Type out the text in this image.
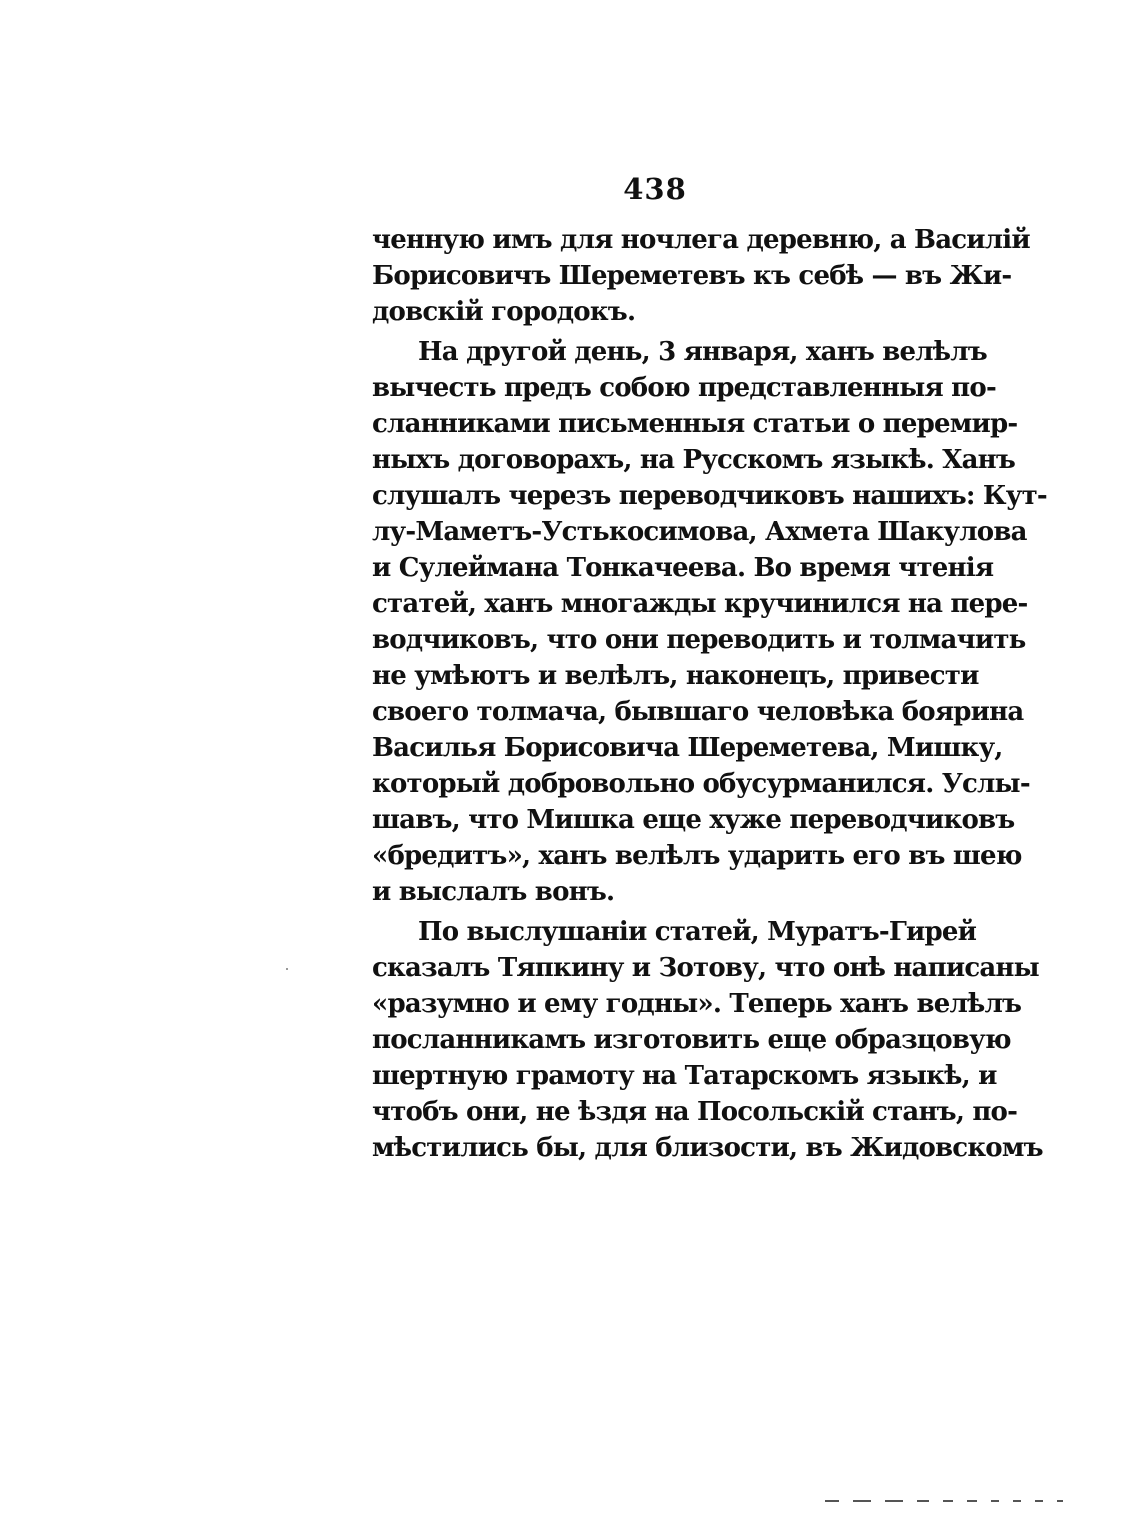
438
ченную имъ для ночлега деревню, а Василій
Борисовичъ Шереметевъ къ себѣ — въ Жи-
довскій городокъ.
На другой день, 3 января, ханъ велѣлъ
вычесть предъ собою представленныя по-
сланниками письменныя статьи о перемир-
ныхъ договорахъ, на Русскомъ языкѣ. Ханъ
слушалъ черезъ переводчиковъ нашихъ: Кут-
лу-Маметъ-Устькосимова, Ахмета Шакулова
и Сулеймана Тонкачеева. Во время чтенія
статей, ханъ многажды кручинился на пере-
водчиковъ, что они переводить и толмачить
не умѣютъ и велѣлъ, наконецъ, привести
своего толмача, бывшаго человѣка боярина
Василья Борисовича Шереметева, Мишку,
который добровольно обусурманился. Услы-
шавъ, что Мишка еще хуже переводчиковъ
«бредитъ», ханъ велѣлъ ударить его въ шею
и выслалъ вонъ.
По выслушаніи статей, Муратъ-Гирей
сказалъ Тяпкину и Зотову, что онѣ написаны
«разумно и ему годны». Теперь ханъ велѣлъ
посланникамъ изготовить еще образцовую
шертную грамоту на Татарскомъ языкѣ, и
чтобъ они, не ѣздя на Посольскій станъ, по-
мѣстились бы, для близости, въ Жидовскомъ
